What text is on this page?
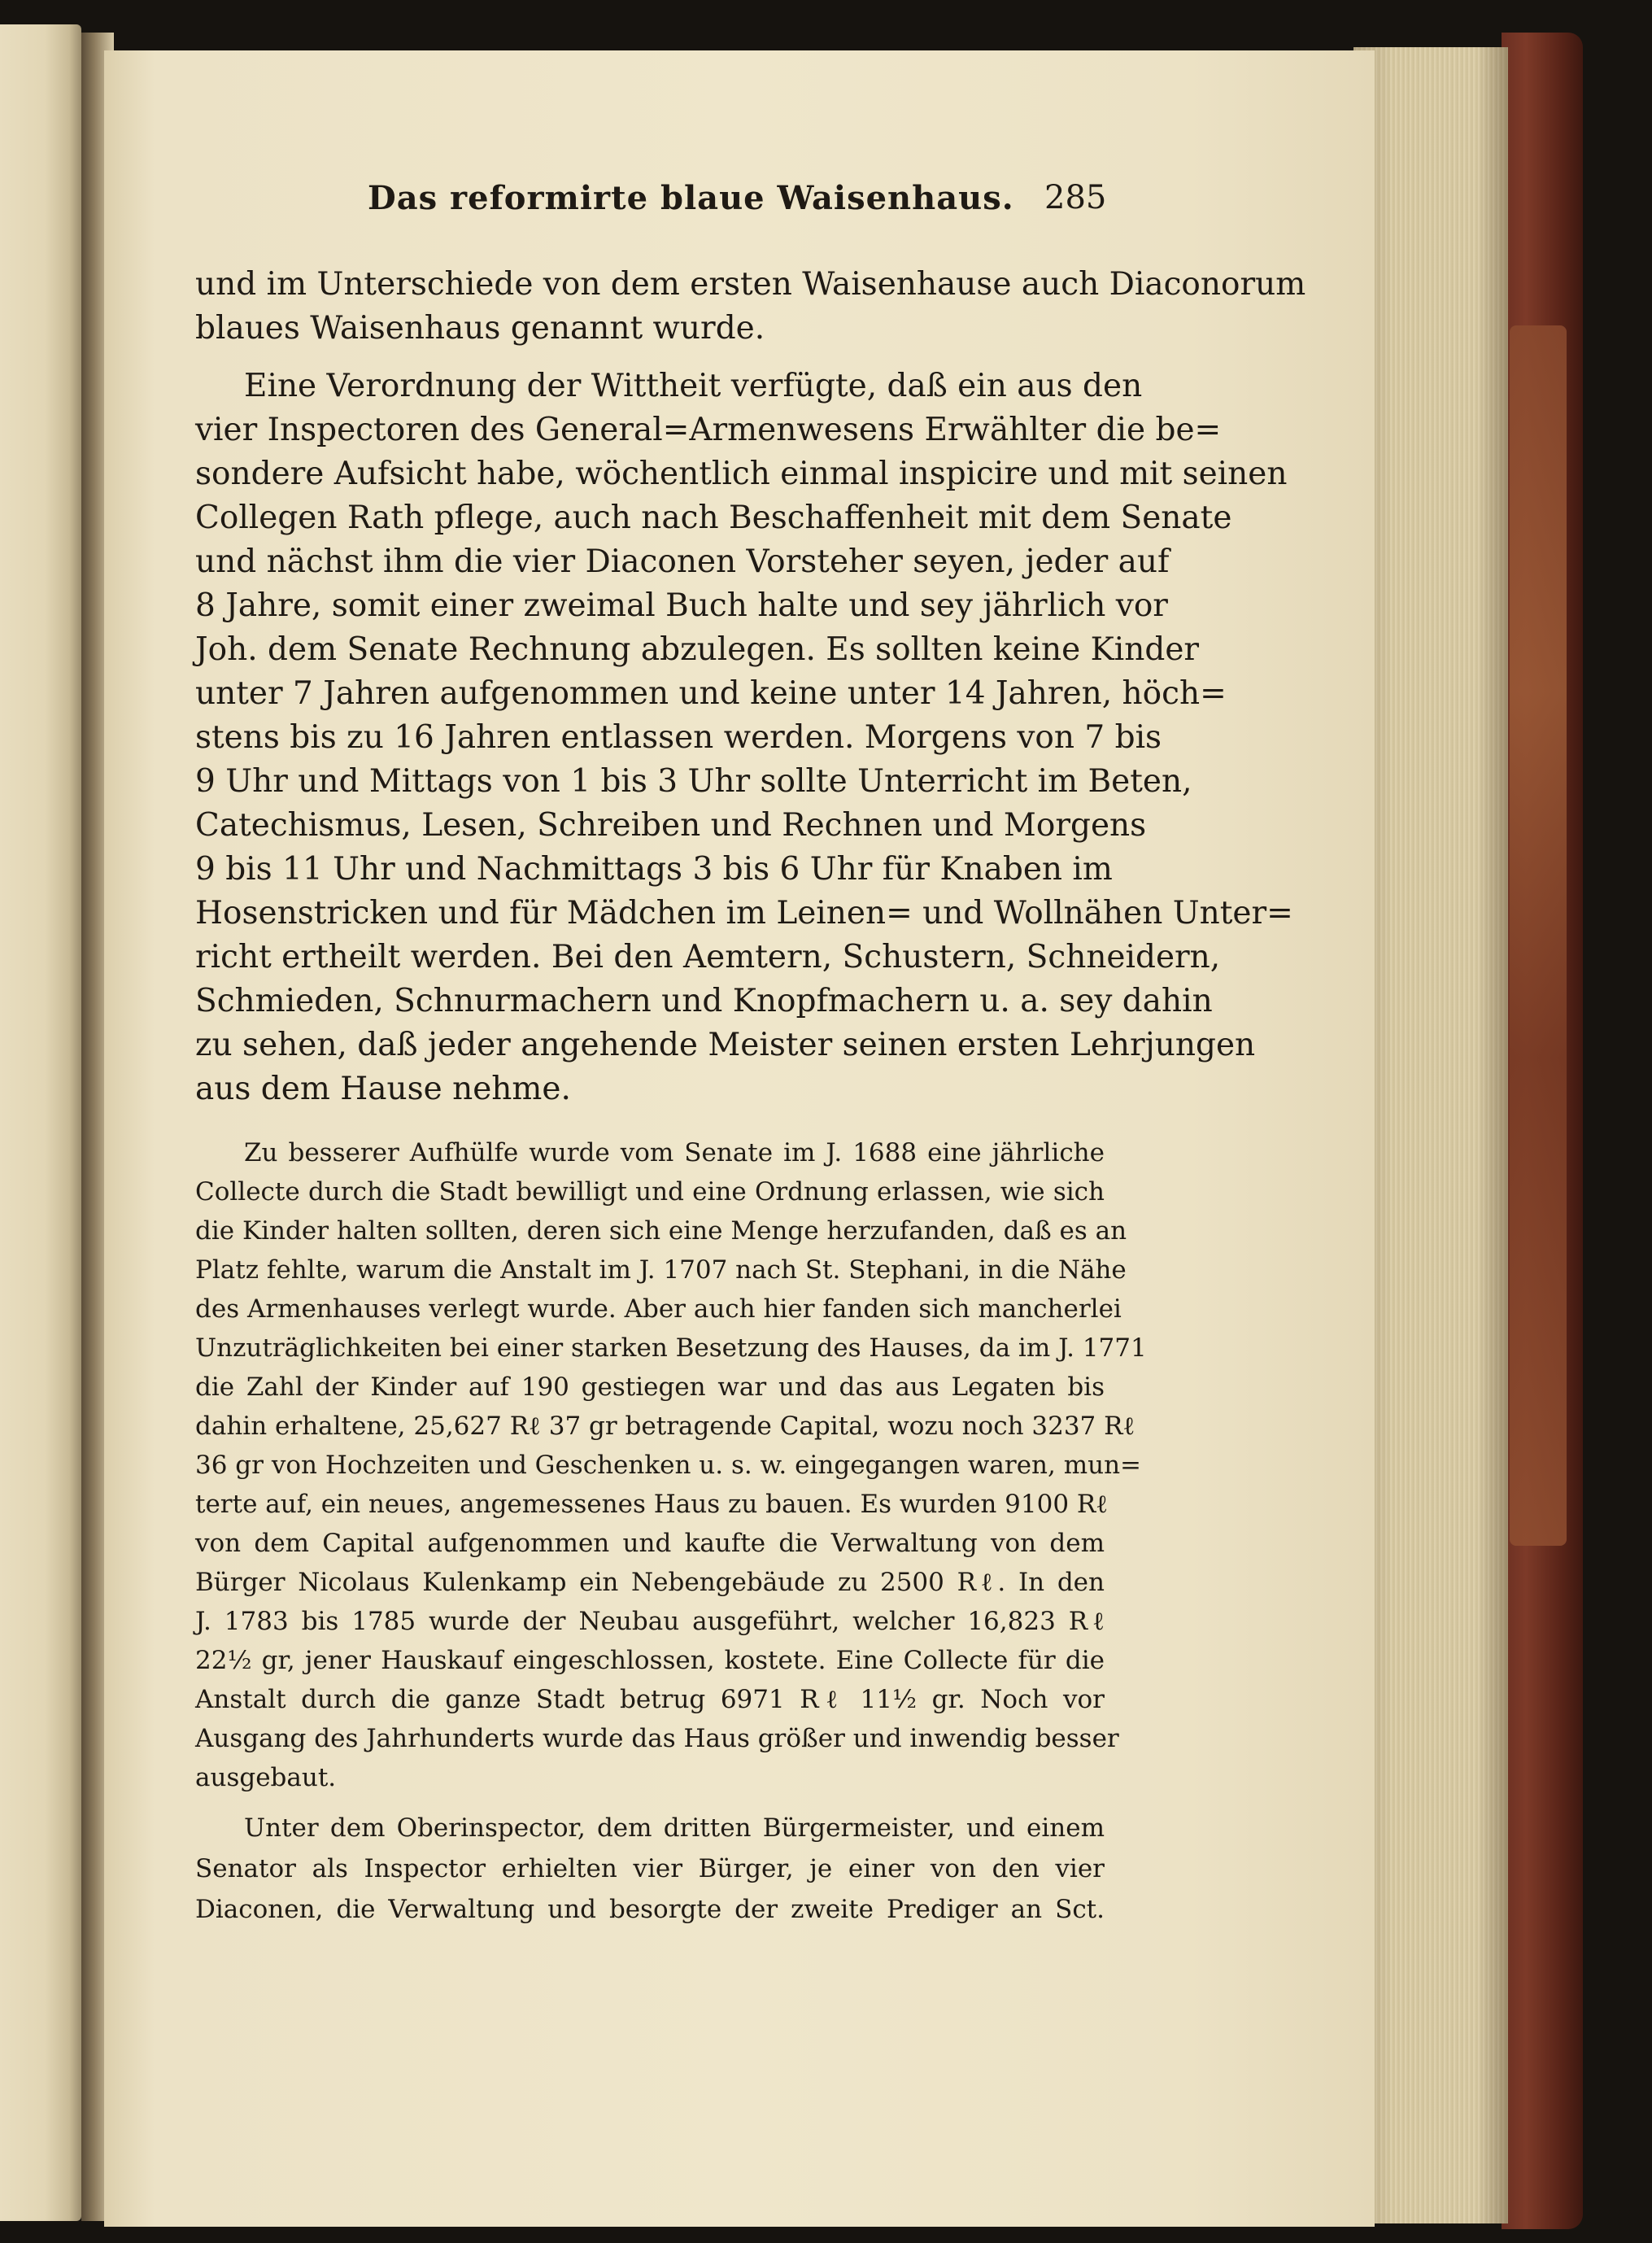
Das reformirte blaue Waisenhaus. 285
und im Unterschiede von dem ersten Waisenhause auch Diaconorum
blaues Waisenhaus genannt wurde.
Eine Verordnung der Wittheit verfügte, daß ein aus den
vier Inspectoren des General=Armenwesens Erwählter die be=
sondere Aufsicht habe, wöchentlich einmal inspicire und mit seinen
Collegen Rath pflege, auch nach Beschaffenheit mit dem Senate
und nächst ihm die vier Diaconen Vorsteher seyen, jeder auf
8 Jahre, somit einer zweimal Buch halte und sey jährlich vor
Joh. dem Senate Rechnung abzulegen. Es sollten keine Kinder
unter 7 Jahren aufgenommen und keine unter 14 Jahren, höch=
stens bis zu 16 Jahren entlassen werden. Morgens von 7 bis
9 Uhr und Mittags von 1 bis 3 Uhr sollte Unterricht im Beten,
Catechismus, Lesen, Schreiben und Rechnen und Morgens
9 bis 11 Uhr und Nachmittags 3 bis 6 Uhr für Knaben im
Hosenstricken und für Mädchen im Leinen= und Wollnähen Unter=
richt ertheilt werden. Bei den Aemtern, Schustern, Schneidern,
Schmieden, Schnurmachern und Knopfmachern u. a. sey dahin
zu sehen, daß jeder angehende Meister seinen ersten Lehrjungen
aus dem Hause nehme.
Zu besserer Aufhülfe wurde vom Senate im J. 1688 eine jährliche
Collecte durch die Stadt bewilligt und eine Ordnung erlassen, wie sich
die Kinder halten sollten, deren sich eine Menge herzufanden, daß es an
Platz fehlte, warum die Anstalt im J. 1707 nach St. Stephani, in die Nähe
des Armenhauses verlegt wurde. Aber auch hier fanden sich mancherlei
Unzuträglichkeiten bei einer starken Besetzung des Hauses, da im J. 1771
die Zahl der Kinder auf 190 gestiegen war und das aus Legaten bis
dahin erhaltene, 25,627 Rℓ 37 gr betragende Capital, wozu noch 3237 Rℓ
36 gr von Hochzeiten und Geschenken u. s. w. eingegangen waren, mun=
terte auf, ein neues, angemessenes Haus zu bauen. Es wurden 9100 Rℓ
von dem Capital aufgenommen und kaufte die Verwaltung von dem
Bürger Nicolaus Kulenkamp ein Nebengebäude zu 2500 Rℓ. In den
J. 1783 bis 1785 wurde der Neubau ausgeführt, welcher 16,823 Rℓ
22½ gr, jener Hauskauf eingeschlossen, kostete. Eine Collecte für die
Anstalt durch die ganze Stadt betrug 6971 Rℓ 11½ gr. Noch vor
Ausgang des Jahrhunderts wurde das Haus größer und inwendig besser
ausgebaut.
Unter dem Oberinspector, dem dritten Bürgermeister, und einem
Senator als Inspector erhielten vier Bürger, je einer von den vier
Diaconen, die Verwaltung und besorgte der zweite Prediger an Sct.
